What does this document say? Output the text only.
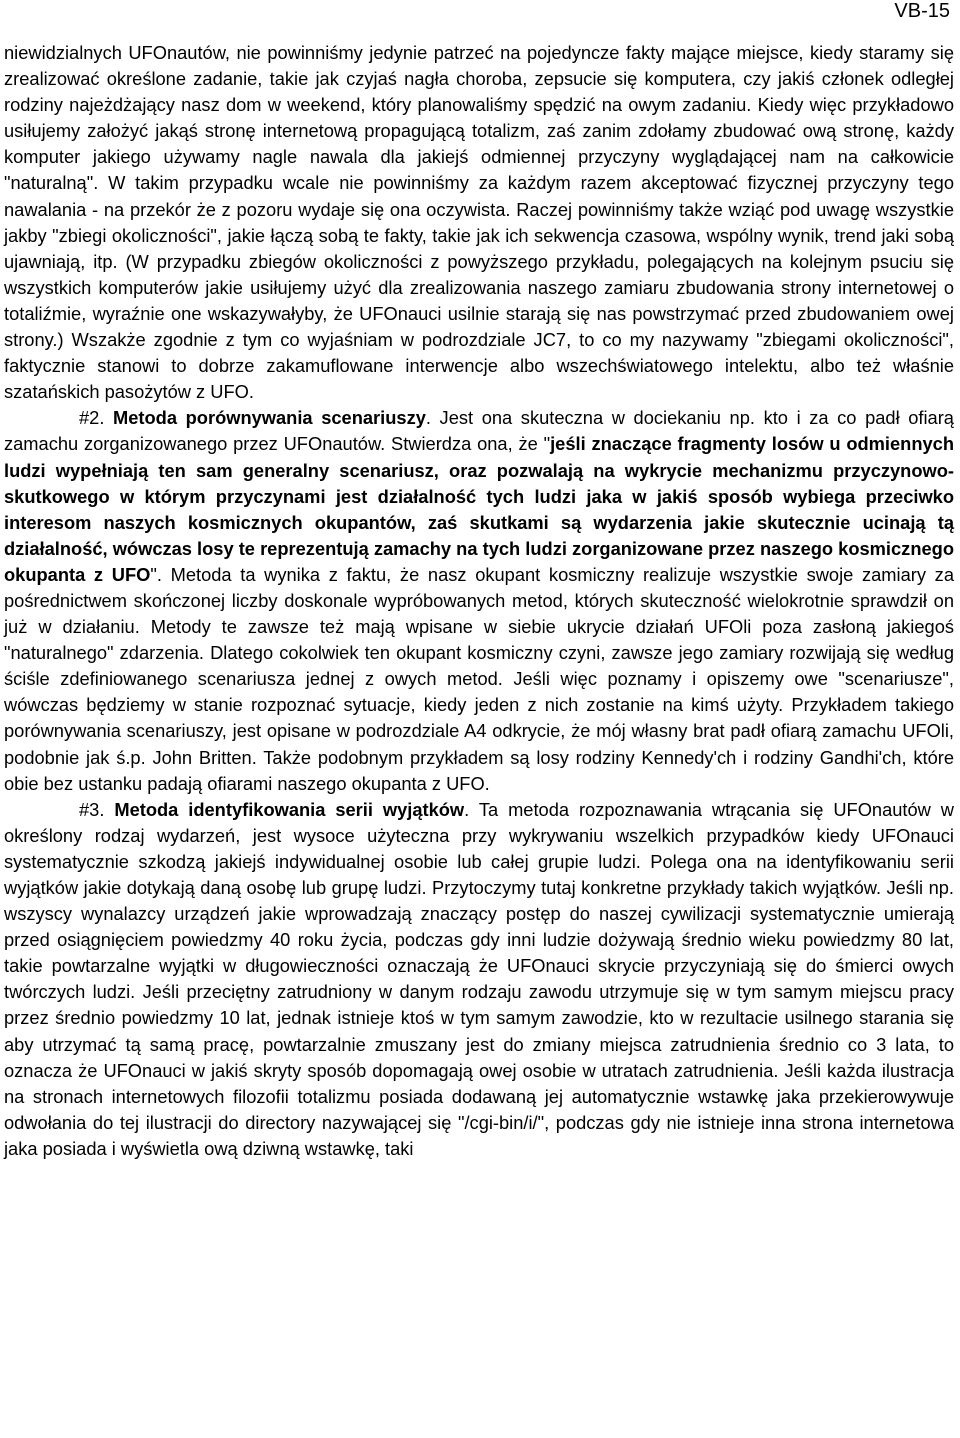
VB-15

niewidzialnych UFOnautów, nie powinniśmy jedynie patrzeć na pojedyncze fakty mające miejsce, kiedy staramy się zrealizować określone zadanie, takie jak czyjaś nagła choroba, zepsucie się komputera, czy jakiś członek odległej rodziny najeżdżający nasz dom w weekend, który planowaliśmy spędzić na owym zadaniu. Kiedy więc przykładowo usiłujemy założyć jakąś stronę internetową propagującą totalizm, zaś zanim zdołamy zbudować ową stronę, każdy komputer jakiego używamy nagle nawala dla jakiejś odmiennej przyczyny wyglądającej nam na całkowicie "naturalną". W takim przypadku wcale nie powinniśmy za każdym razem akceptować fizycznej przyczyny tego nawalania - na przekór że z pozoru wydaje się ona oczywista. Raczej powinniśmy także wziąć pod uwagę wszystkie jakby "zbiegi okoliczności", jakie łączą sobą te fakty, takie jak ich sekwencja czasowa, wspólny wynik, trend jaki sobą ujawniają, itp. (W przypadku zbiegów okoliczności z powyższego przykładu, polegających na kolejnym psuciu się wszystkich komputerów jakie usiłujemy użyć dla zrealizowania naszego zamiaru zbudowania strony internetowej o totaliźmie, wyraźnie one wskazywałyby, że UFOnauci usilnie starają się nas powstrzymać przed zbudowaniem owej strony.) Wszakże zgodnie z tym co wyjaśniam w podrozdziale JC7, to co my nazywamy "zbiegami okoliczności", faktycznie stanowi to dobrze zakamuflowane interwencje albo wszechświatowego intelektu, albo też właśnie szatańskich pasożytów z UFO.

#2. Metoda porównywania scenariuszy. Jest ona skuteczna w dociekaniu np. kto i za co padł ofiarą zamachu zorganizowanego przez UFOnautów. Stwierdza ona, że "jeśli znaczące fragmenty losów u odmiennych ludzi wypełniają ten sam generalny scenariusz, oraz pozwalają na wykrycie mechanizmu przyczynowo-skutkowego w którym przyczynami jest działalność tych ludzi jaka w jakiś sposób wybiega przeciwko interesom naszych kosmicznych okupantów, zaś skutkami są wydarzenia jakie skutecznie ucinają tą działalność, wówczas losy te reprezentują zamachy na tych ludzi zorganizowane przez naszego kosmicznego okupanta z UFO". Metoda ta wynika z faktu, że nasz okupant kosmiczny realizuje wszystkie swoje zamiary za pośrednictwem skończonej liczby doskonale wypróbowanych metod, których skuteczność wielokrotnie sprawdził on już w działaniu. Metody te zawsze też mają wpisane w siebie ukrycie działań UFOli poza zasłoną jakiegoś "naturalnego" zdarzenia. Dlatego cokolwiek ten okupant kosmiczny czyni, zawsze jego zamiary rozwijają się według ściśle zdefiniowanego scenariusza jednej z owych metod. Jeśli więc poznamy i opiszemy owe "scenariusze", wówczas będziemy w stanie rozpoznać sytuacje, kiedy jeden z nich zostanie na kimś użyty. Przykładem takiego porównywania scenariuszy, jest opisane w podrozdziale A4 odkrycie, że mój własny brat padł ofiarą zamachu UFOli, podobnie jak ś.p. John Britten. Także podobnym przykładem są losy rodziny Kennedy'ch i rodziny Gandhi'ch, które obie bez ustanku padają ofiarami naszego okupanta z UFO.

#3. Metoda identyfikowania serii wyjątków. Ta metoda rozpoznawania wtrącania się UFOnautów w określony rodzaj wydarzeń, jest wysoce użyteczna przy wykrywaniu wszelkich przypadków kiedy UFOnauci systematycznie szkodzą jakiejś indywidualnej osobie lub całej grupie ludzi. Polega ona na identyfikowaniu serii wyjątków jakie dotykają daną osobę lub grupę ludzi. Przytoczymy tutaj konkretne przykłady takich wyjątków. Jeśli np. wszyscy wynalazcy urządzeń jakie wprowadzają znaczący postęp do naszej cywilizacji systematycznie umierają przed osiągnięciem powiedzmy 40 roku życia, podczas gdy inni ludzie dożywają średnio wieku powiedzmy 80 lat, takie powtarzalne wyjątki w długowieczności oznaczają że UFOnauci skrycie przyczyniają się do śmierci owych twórczych ludzi. Jeśli przeciętny zatrudniony w danym rodzaju zawodu utrzymuje się w tym samym miejscu pracy przez średnio powiedzmy 10 lat, jednak istnieje ktoś w tym samym zawodzie, kto w rezultacie usilnego starania się aby utrzymać tą samą pracę, powtarzalnie zmuszany jest do zmiany miejsca zatrudnienia średnio co 3 lata, to oznacza że UFOnauci w jakiś skryty sposób dopomagają owej osobie w utratach zatrudnienia. Jeśli każda ilustracja na stronach internetowych filozofii totalizmu posiada dodawaną jej automatycznie wstawkę jaka przekierowywuje odwołania do tej ilustracji do directory nazywającej się "/cgi-bin/i/", podczas gdy nie istnieje inna strona internetowa jaka posiada i wyświetla ową dziwną wstawkę, taki
